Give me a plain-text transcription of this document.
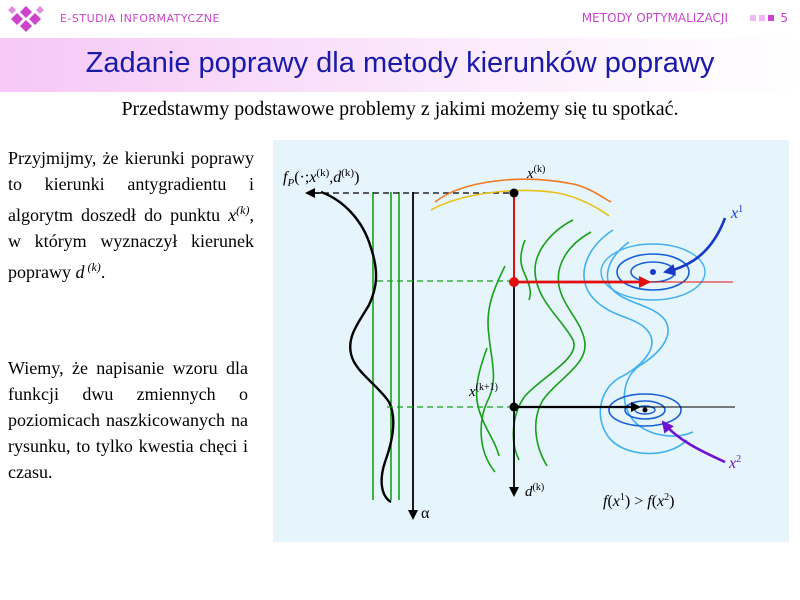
E-STUDIA INFORMATYCZNE	METODY OPTYMALIZACJI	5
Zadanie poprawy dla metody kierunków poprawy
Przedstawmy podstawowe problemy z jakimi możemy się tu spotkać.
Przyjmijmy, że kierunki poprawy to kierunki antygradientu i algorytm doszedł do punktu $x^{(k)}$, w którym wyznaczył kierunek poprawy d $^{(k)}$.
Wiemy, że napisanie wzoru dla funkcji dwu zmiennych o poziomicach naszkicowanych na rysunku, to tylko kwestia chęci i czasu.
$f_P(\cdot;x^{(k)},d^{(k)})$	$x^{(k)}$
$x^{(k+1)}$
$d^{(k)}$
α
$x^1$
$x^2$
$f(x^1) > f(x^2)$
